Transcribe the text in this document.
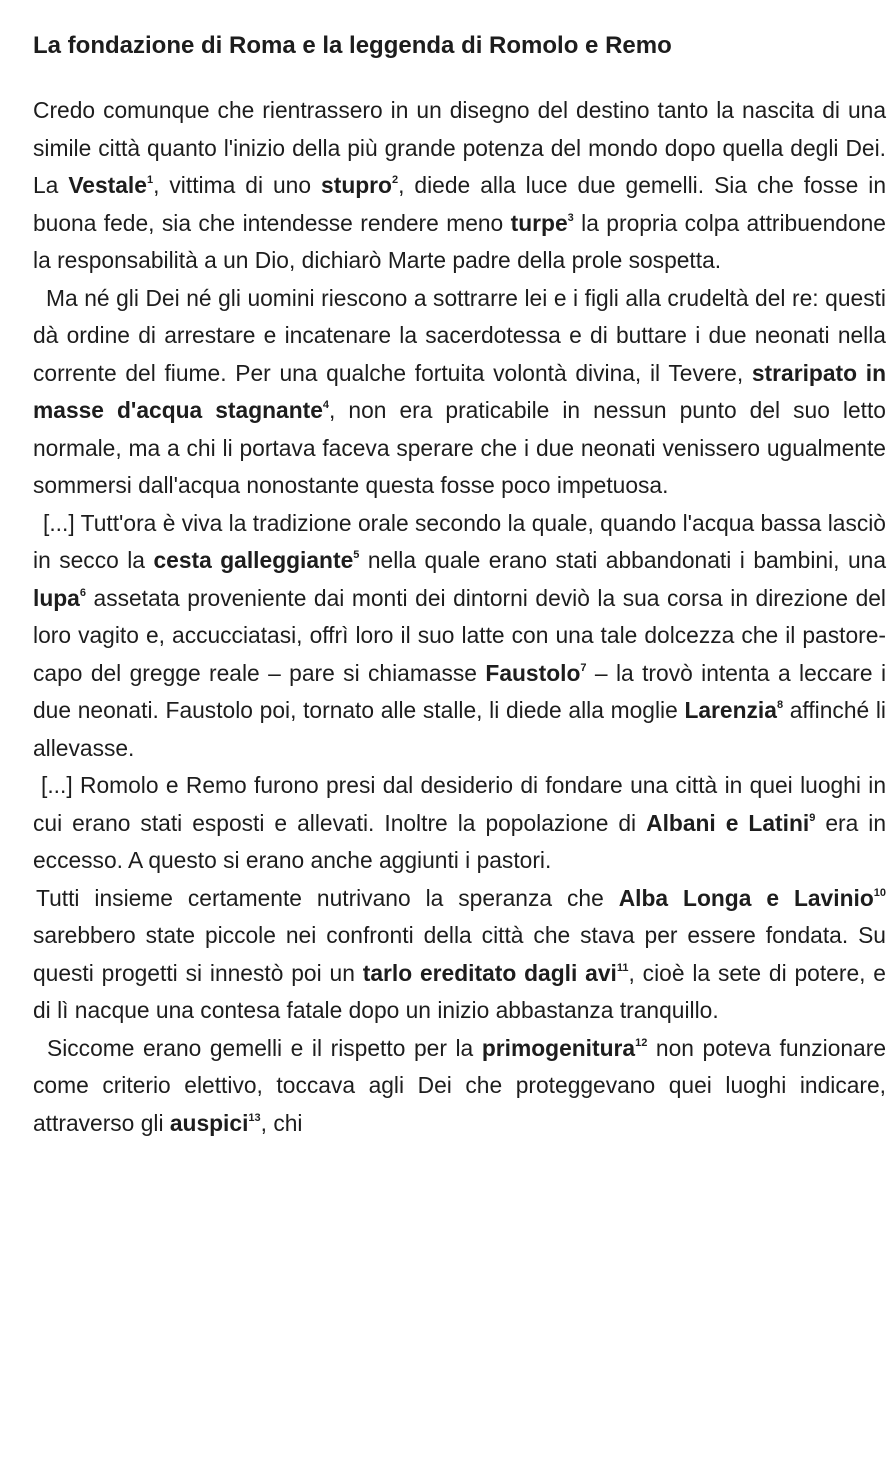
La fondazione di Roma e la leggenda di Romolo e Remo

Credo comunque che rientrassero in un disegno del destino tanto la nascita di una simile città quanto l'inizio della più grande potenza del mondo dopo quella degli Dei. La Vestale$^1$, vittima di uno stupro$^2$, diede alla luce due gemelli. Sia che fosse in buona fede, sia che intendesse rendere meno turpe$^3$ la propria colpa attribuendone la responsabilità a un Dio, dichiarò Marte padre della prole sospetta.

Ma né gli Dei né gli uomini riescono a sottrarre lei e i figli alla crudeltà del re: questi dà ordine di arrestare e incatenare la sacerdotessa e di buttare i due neonati nella corrente del fiume. Per una qualche fortuita volontà divina, il Tevere, straripato in masse d'acqua stagnante$^4$, non era praticabile in nessun punto del suo letto normale, ma a chi li portava faceva sperare che i due neonati venissero ugualmente sommersi dall'acqua nonostante questa fosse poco impetuosa.

[...] Tutt'ora è viva la tradizione orale secondo la quale, quando l'acqua bassa lasciò in secco la cesta galleggiante$^5$ nella quale erano stati abbandonati i bambini, una lupa$^6$ assetata proveniente dai monti dei dintorni deviò la sua corsa in direzione del loro vagito e, accucciatasi, offrì loro il suo latte con una tale dolcezza che il pastore-capo del gregge reale – pare si chiamasse Faustolo$^7$ – la trovò intenta a leccare i due neonati. Faustolo poi, tornato alle stalle, li diede alla moglie Larenzia$^8$ affinché li allevasse.

[...] Romolo e Remo furono presi dal desiderio di fondare una città in quei luoghi in cui erano stati esposti e allevati. Inoltre la popolazione di Albani e Latini$^9$ era in eccesso. A questo si erano anche aggiunti i pastori.

Tutti insieme certamente nutrivano la speranza che Alba Longa e Lavinio$^{10}$ sarebbero state piccole nei confronti della città che stava per essere fondata. Su questi progetti si innestò poi un tarlo ereditato dagli avi$^{11}$, cioè la sete di potere, e di lì nacque una contesa fatale dopo un inizio abbastanza tranquillo.

Siccome erano gemelli e il rispetto per la primogenitura$^{12}$ non poteva funzionare come criterio elettivo, toccava agli Dei che proteggevano quei luoghi indicare, attraverso gli auspici$^{13}$, chi
